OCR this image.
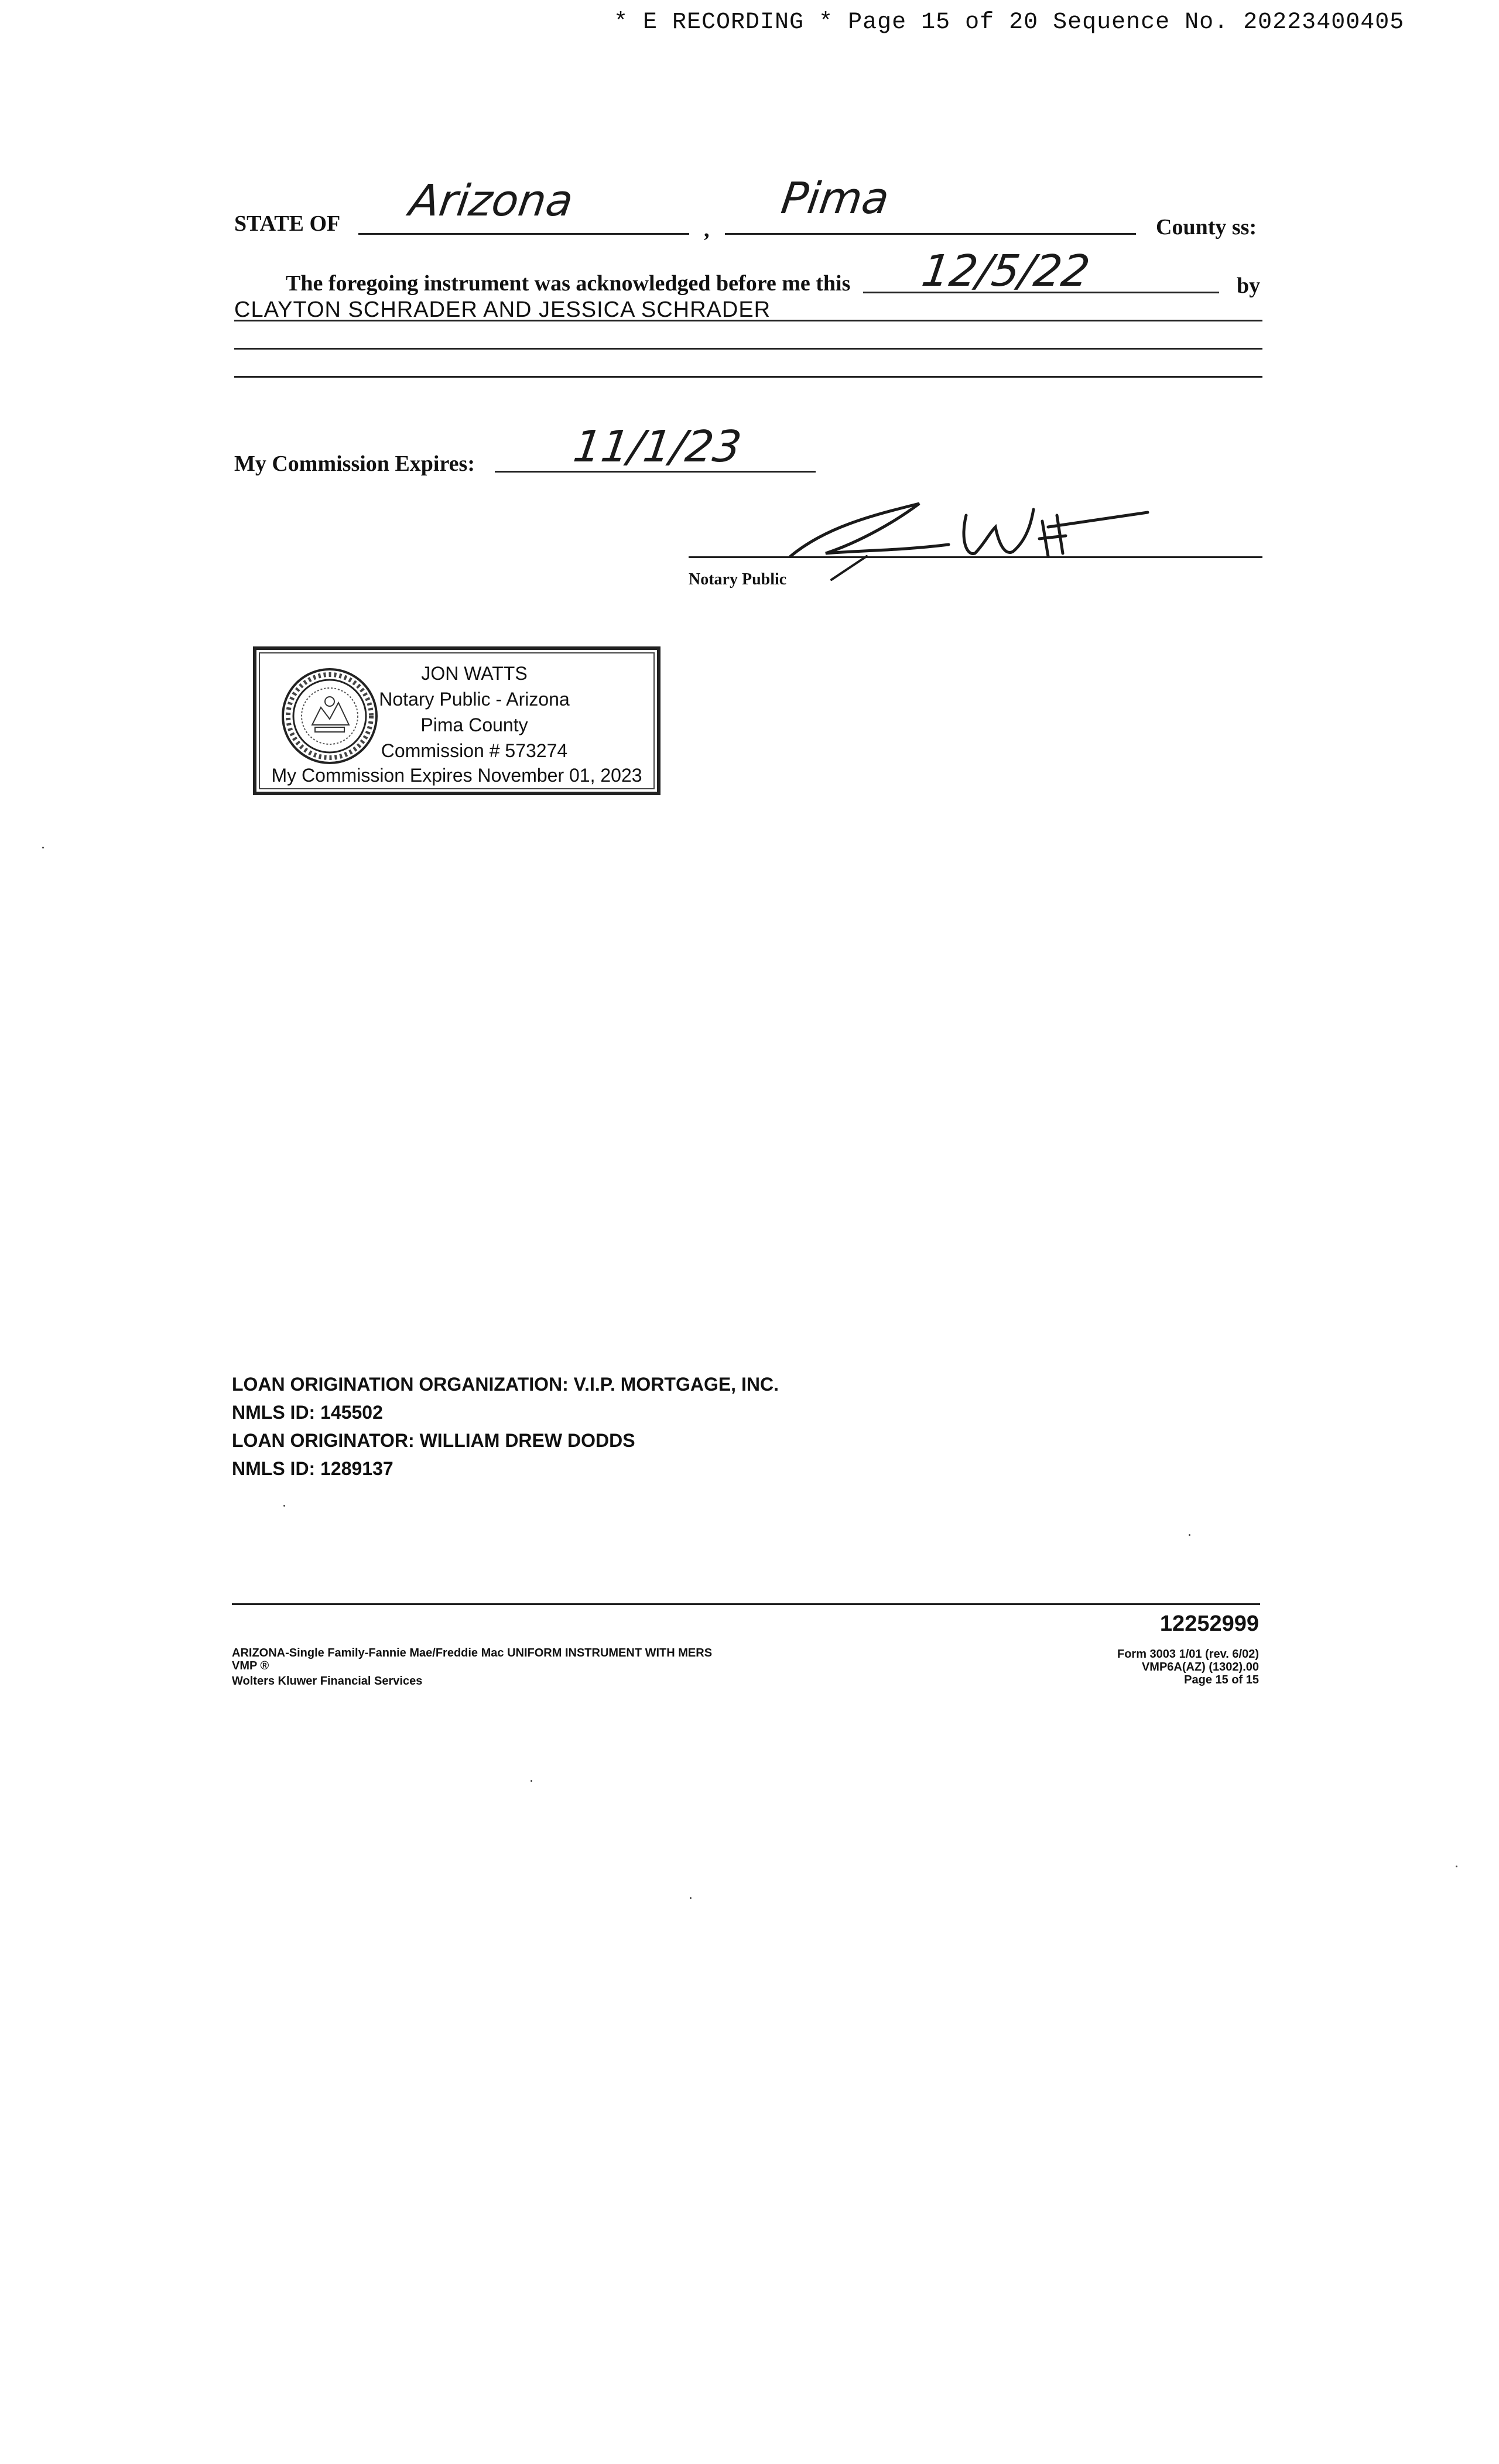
* E RECORDING * Page 15 of 20 Sequence No. 20223400405
STATE OF Arizona
,
Pima
County ss:
The foregoing instrument was acknowledged before me this 12/5/22	by
CLAYTON SCHRADER AND JESSICA SCHRADER
My Commission Expires: 11/1/23
Notary Public
JON WATTS
Notary Public - Arizona
Pima County
Commission # 573274
My Commission Expires November 01, 2023
LOAN ORIGINATION ORGANIZATION: V.I.P. MORTGAGE, INC.
NMLS ID: 145502
LOAN ORIGINATOR: WILLIAM DREW DODDS
NMLS ID: 1289137
12252999
ARIZONA-Single Family-Fannie Mae/Freddie Mac UNIFORM INSTRUMENT WITH MERS
VMP ®
Wolters Kluwer Financial Services
Form 3003 1/01 (rev. 6/02)
VMP6A(AZ) (1302).00
Page 15 of 15
